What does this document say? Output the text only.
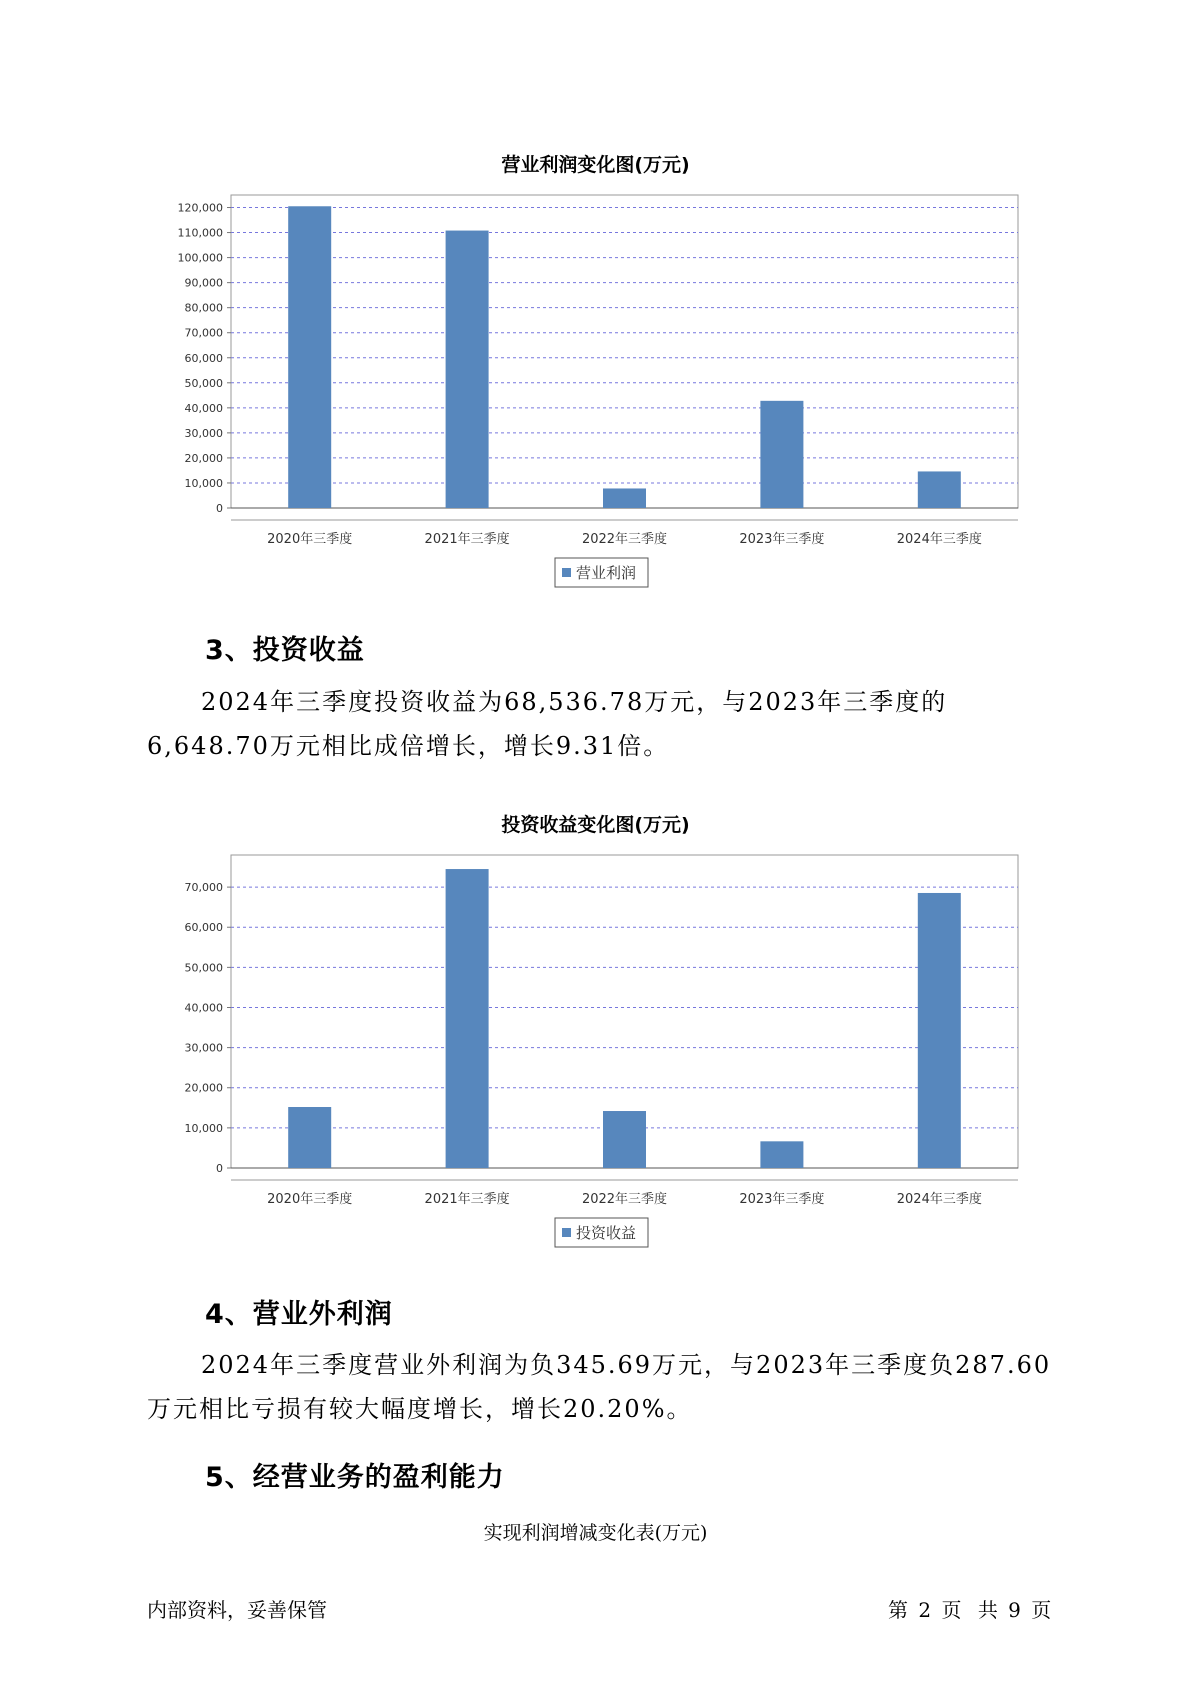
营业利润变化图(万元)
0
10,000
20,000
30,000
40,000
50,000
60,000
70,000
80,000
90,000
100,000
110,000
120,000
2020年三季度	2021年三季度	2022年三季度	2023年三季度	2024年三季度
营业利润
3、投资收益
2024年三季度投资收益为68,536.78万元，与2023年三季度的6,648.70万元相比成倍增长，增长9.31倍。
投资收益变化图(万元)
0
10,000
20,000
30,000
40,000
50,000
60,000
70,000
2020年三季度	2021年三季度	2022年三季度	2023年三季度	2024年三季度
投资收益
4、营业外利润
2024年三季度营业外利润为负345.69万元，与2023年三季度负287.60万元相比亏损有较大幅度增长，增长20.20%。
5、经营业务的盈利能力
实现利润增减变化表(万元)
内部资料，妥善保管	第 2 页 共 9 页
